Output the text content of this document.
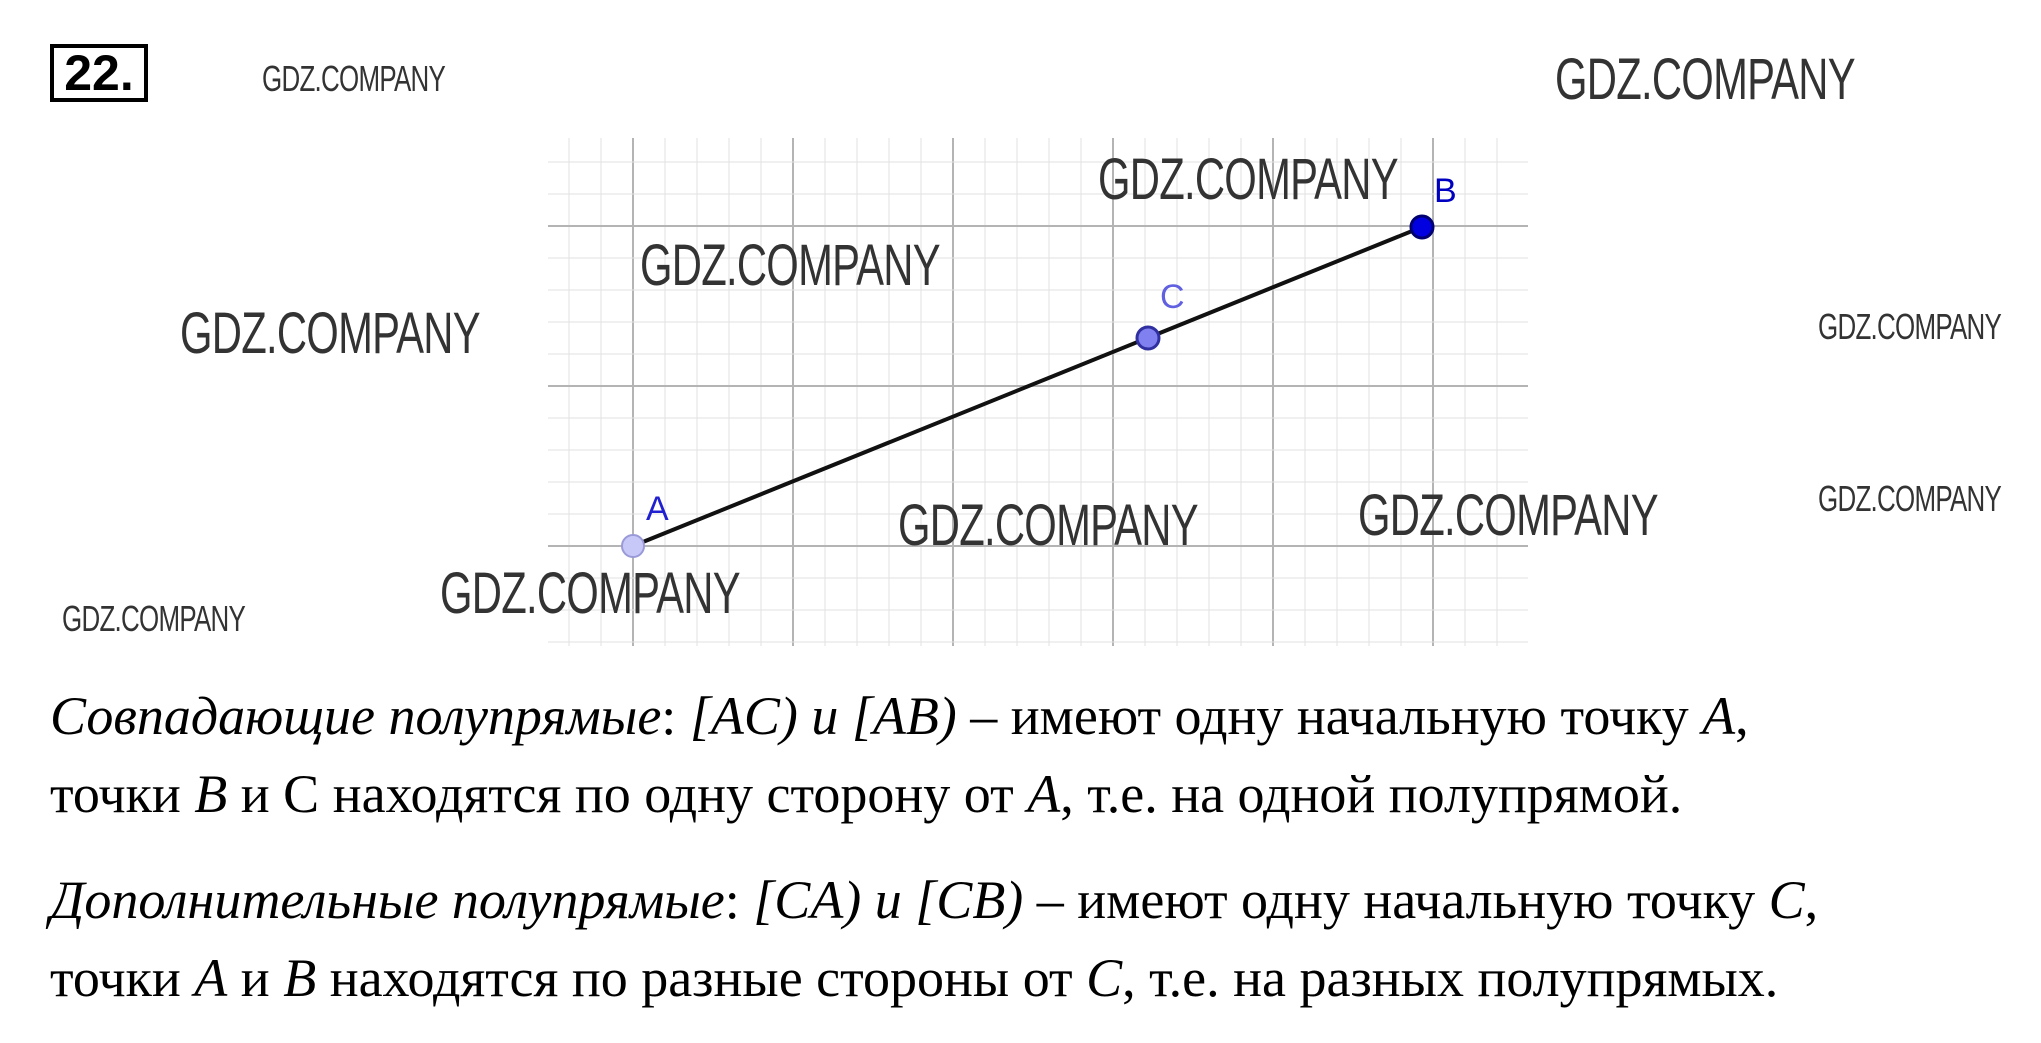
22.
A
C
B
GDZ.COMPANY	GDZ.COMPANY
GDZ.COMPANY
GDZ.COMPANY
GDZ.COMPANY	GDZ.COMPANY
GDZ.COMPANY	GDZ.COMPANY
GDZ.COMPANY
GDZ.COMPANY
GDZ.COMPANY
Совпадающие полупрямые: [AC) и [AB) – имеют одну начальную точку A,
точки B и С находятся по одну сторону от A, т.е. на одной полупрямой.
Дополнительные полупрямые: [CA) и [CB) – имеют одну начальную точку C,
точки A и B находятся по разные стороны от C, т.е. на разных полупрямых.
